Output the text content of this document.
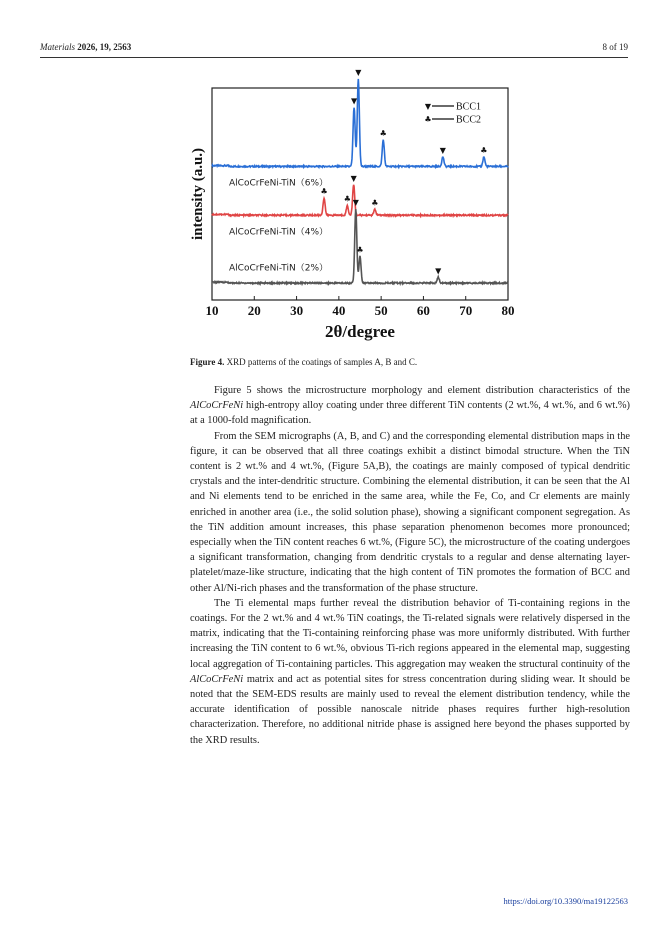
Materials 2026, 19, 2563	8 of 19
10 20 30 40 50 60 70 80
2θ/degree
intensity (a.u.)
▼
▼
♣
▼	♣
AlCoCrFeNi-TiN（6%）
♣
♣
▼
♣
AlCoCrFeNi-TiN（4%）
▼
♣
▼
AlCoCrFeNi-TiN（2%）
▼ BCC1
♣ BCC2
Figure 4. XRD patterns of the coatings of samples A, B and C.

Figure 5 shows the microstructure morphology and element distribution characteristics of the AlCoCrFeNi high-entropy alloy coating under three different TiN contents (2 wt.%, 4 wt.%, and 6 wt.%) at a 1000-fold magnification.

From the SEM micrographs (A, B, and C) and the corresponding elemental distribution maps in the figure, it can be observed that all three coatings exhibit a distinct bimodal structure. When the TiN content is 2 wt.% and 4 wt.%, (Figure 5A,B), the coatings are mainly composed of typical dendritic crystals and the inter-dendritic structure. Combining the elemental distribution, it can be seen that the Al and Ni elements tend to be enriched in the same area, while the Fe, Co, and Cr elements are mainly enriched in another area (i.e., the solid solution phase), showing a significant component segregation. As the TiN addition amount increases, this phase separation phenomenon becomes more pronounced; especially when the TiN content reaches 6 wt.%, (Figure 5C), the microstructure of the coating undergoes a significant transformation, changing from dendritic crystals to a regular and dense alternating layer-platelet/maze-like structure, indicating that the high content of TiN promotes the formation of BCC and other Al/Ni-rich phases and the transformation of the phase structure.

The Ti elemental maps further reveal the distribution behavior of Ti-containing regions in the coatings. For the 2 wt.% and 4 wt.% TiN coatings, the Ti-related signals were relatively dispersed in the matrix, indicating that the Ti-containing reinforcing phase was more uniformly distributed. With further increasing the TiN content to 6 wt.%, obvious Ti-rich regions appeared in the elemental map, suggesting local aggregation of Ti-containing particles. This aggregation may weaken the structural continuity of the AlCoCrFeNi matrix and act as potential sites for stress concentration during sliding wear. It should be noted that the SEM-EDS results are mainly used to reveal the element distribution tendency, while the accurate identification of possible nanoscale nitride phases requires further high-resolution characterization. Therefore, no additional nitride phase is assigned here beyond the phases supported by the XRD results.

https://doi.org/10.3390/ma19122563
